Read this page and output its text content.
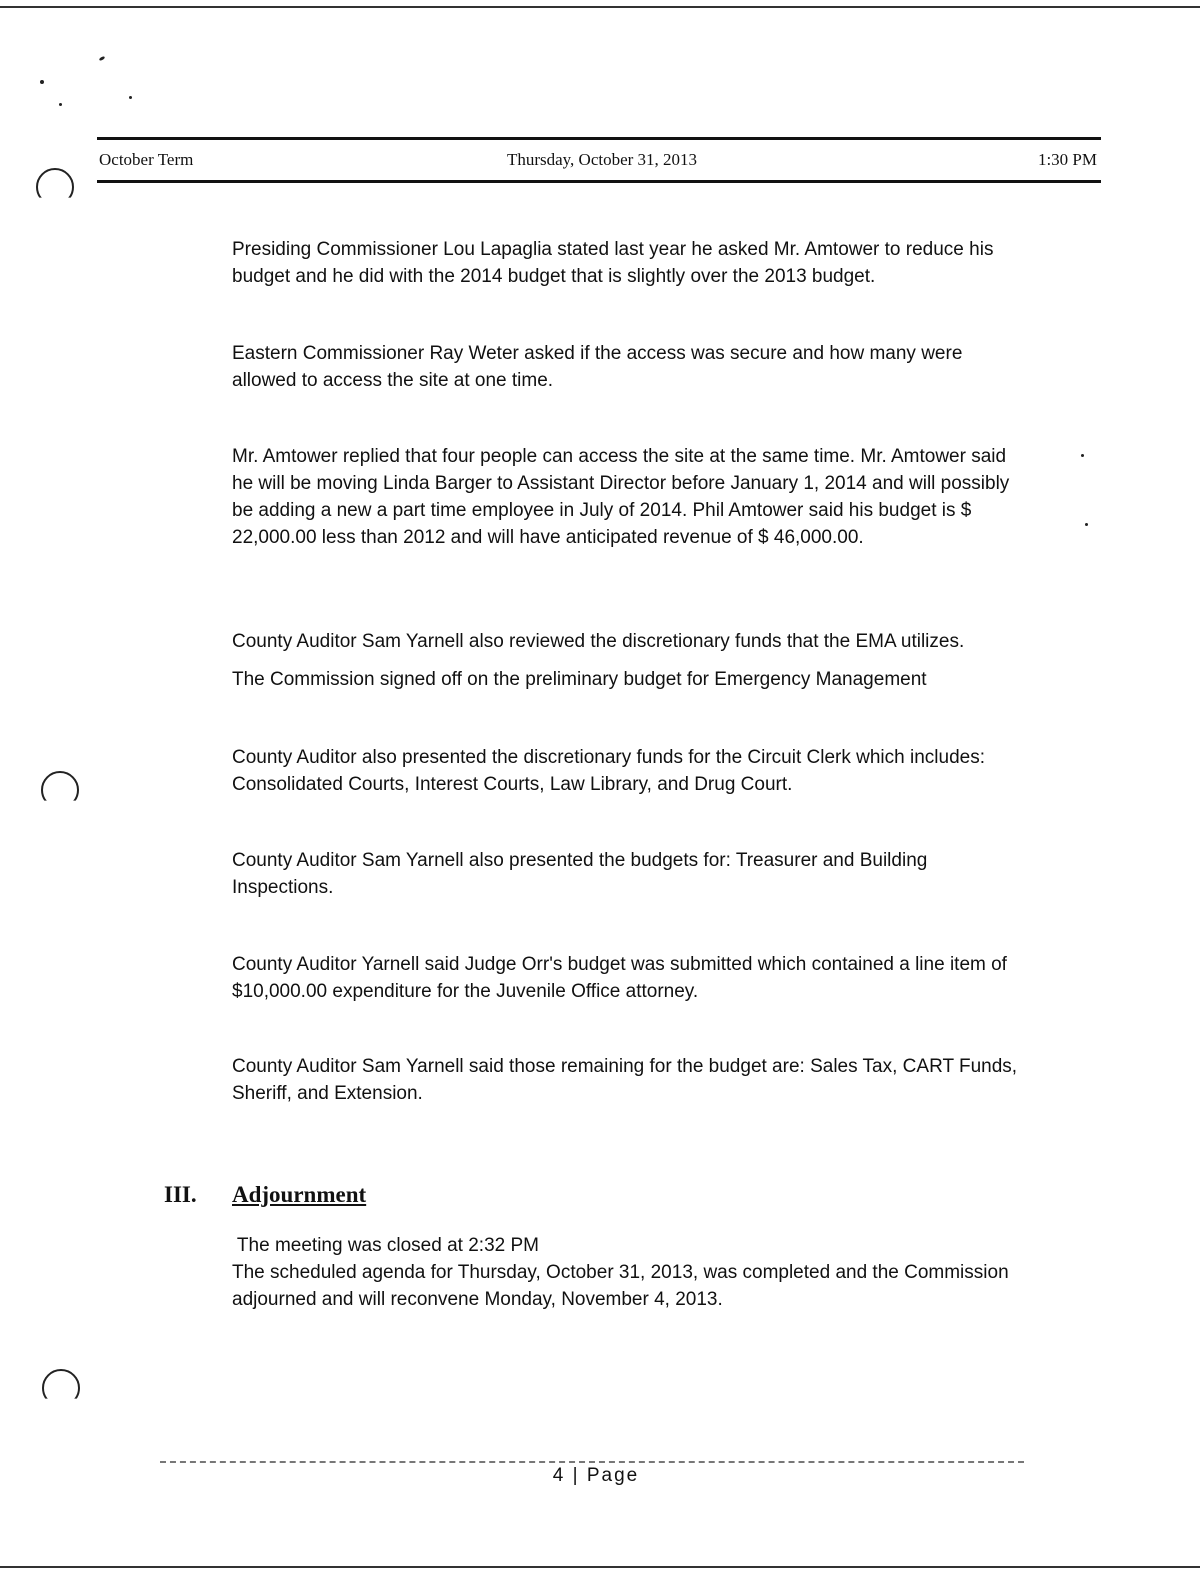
October Term	Thursday, October 31, 2013	1:30 PM

Presiding Commissioner Lou Lapaglia stated last year he asked Mr. Amtower to reduce his budget and he did with the 2014 budget that is slightly over the 2013 budget.

Eastern Commissioner Ray Weter asked if the access was secure and how many were allowed to access the site at one time.

Mr. Amtower replied that four people can access the site at the same time. Mr. Amtower said he will be moving Linda Barger to Assistant Director before January 1, 2014 and will possibly be adding a new a part time employee in July of 2014. Phil Amtower said his budget is $ 22,000.00 less than 2012 and will have anticipated revenue of $ 46,000.00.

County Auditor Sam Yarnell also reviewed the discretionary funds that the EMA utilizes.

The Commission signed off on the preliminary budget for Emergency Management

County Auditor also presented the discretionary funds for the Circuit Clerk which includes: Consolidated Courts, Interest Courts, Law Library, and Drug Court.

County Auditor Sam Yarnell also presented the budgets for: Treasurer and Building Inspections.

County Auditor Yarnell said Judge Orr's budget was submitted which contained a line item of $10,000.00 expenditure for the Juvenile Office attorney.

County Auditor Sam Yarnell said those remaining for the budget are: Sales Tax, CART Funds, Sheriff, and Extension.

III. Adjournment

The meeting was closed at 2:32 PM

The scheduled agenda for Thursday, October 31, 2013, was completed and the Commission adjourned and will reconvene Monday, November 4, 2013.

4 | Page
